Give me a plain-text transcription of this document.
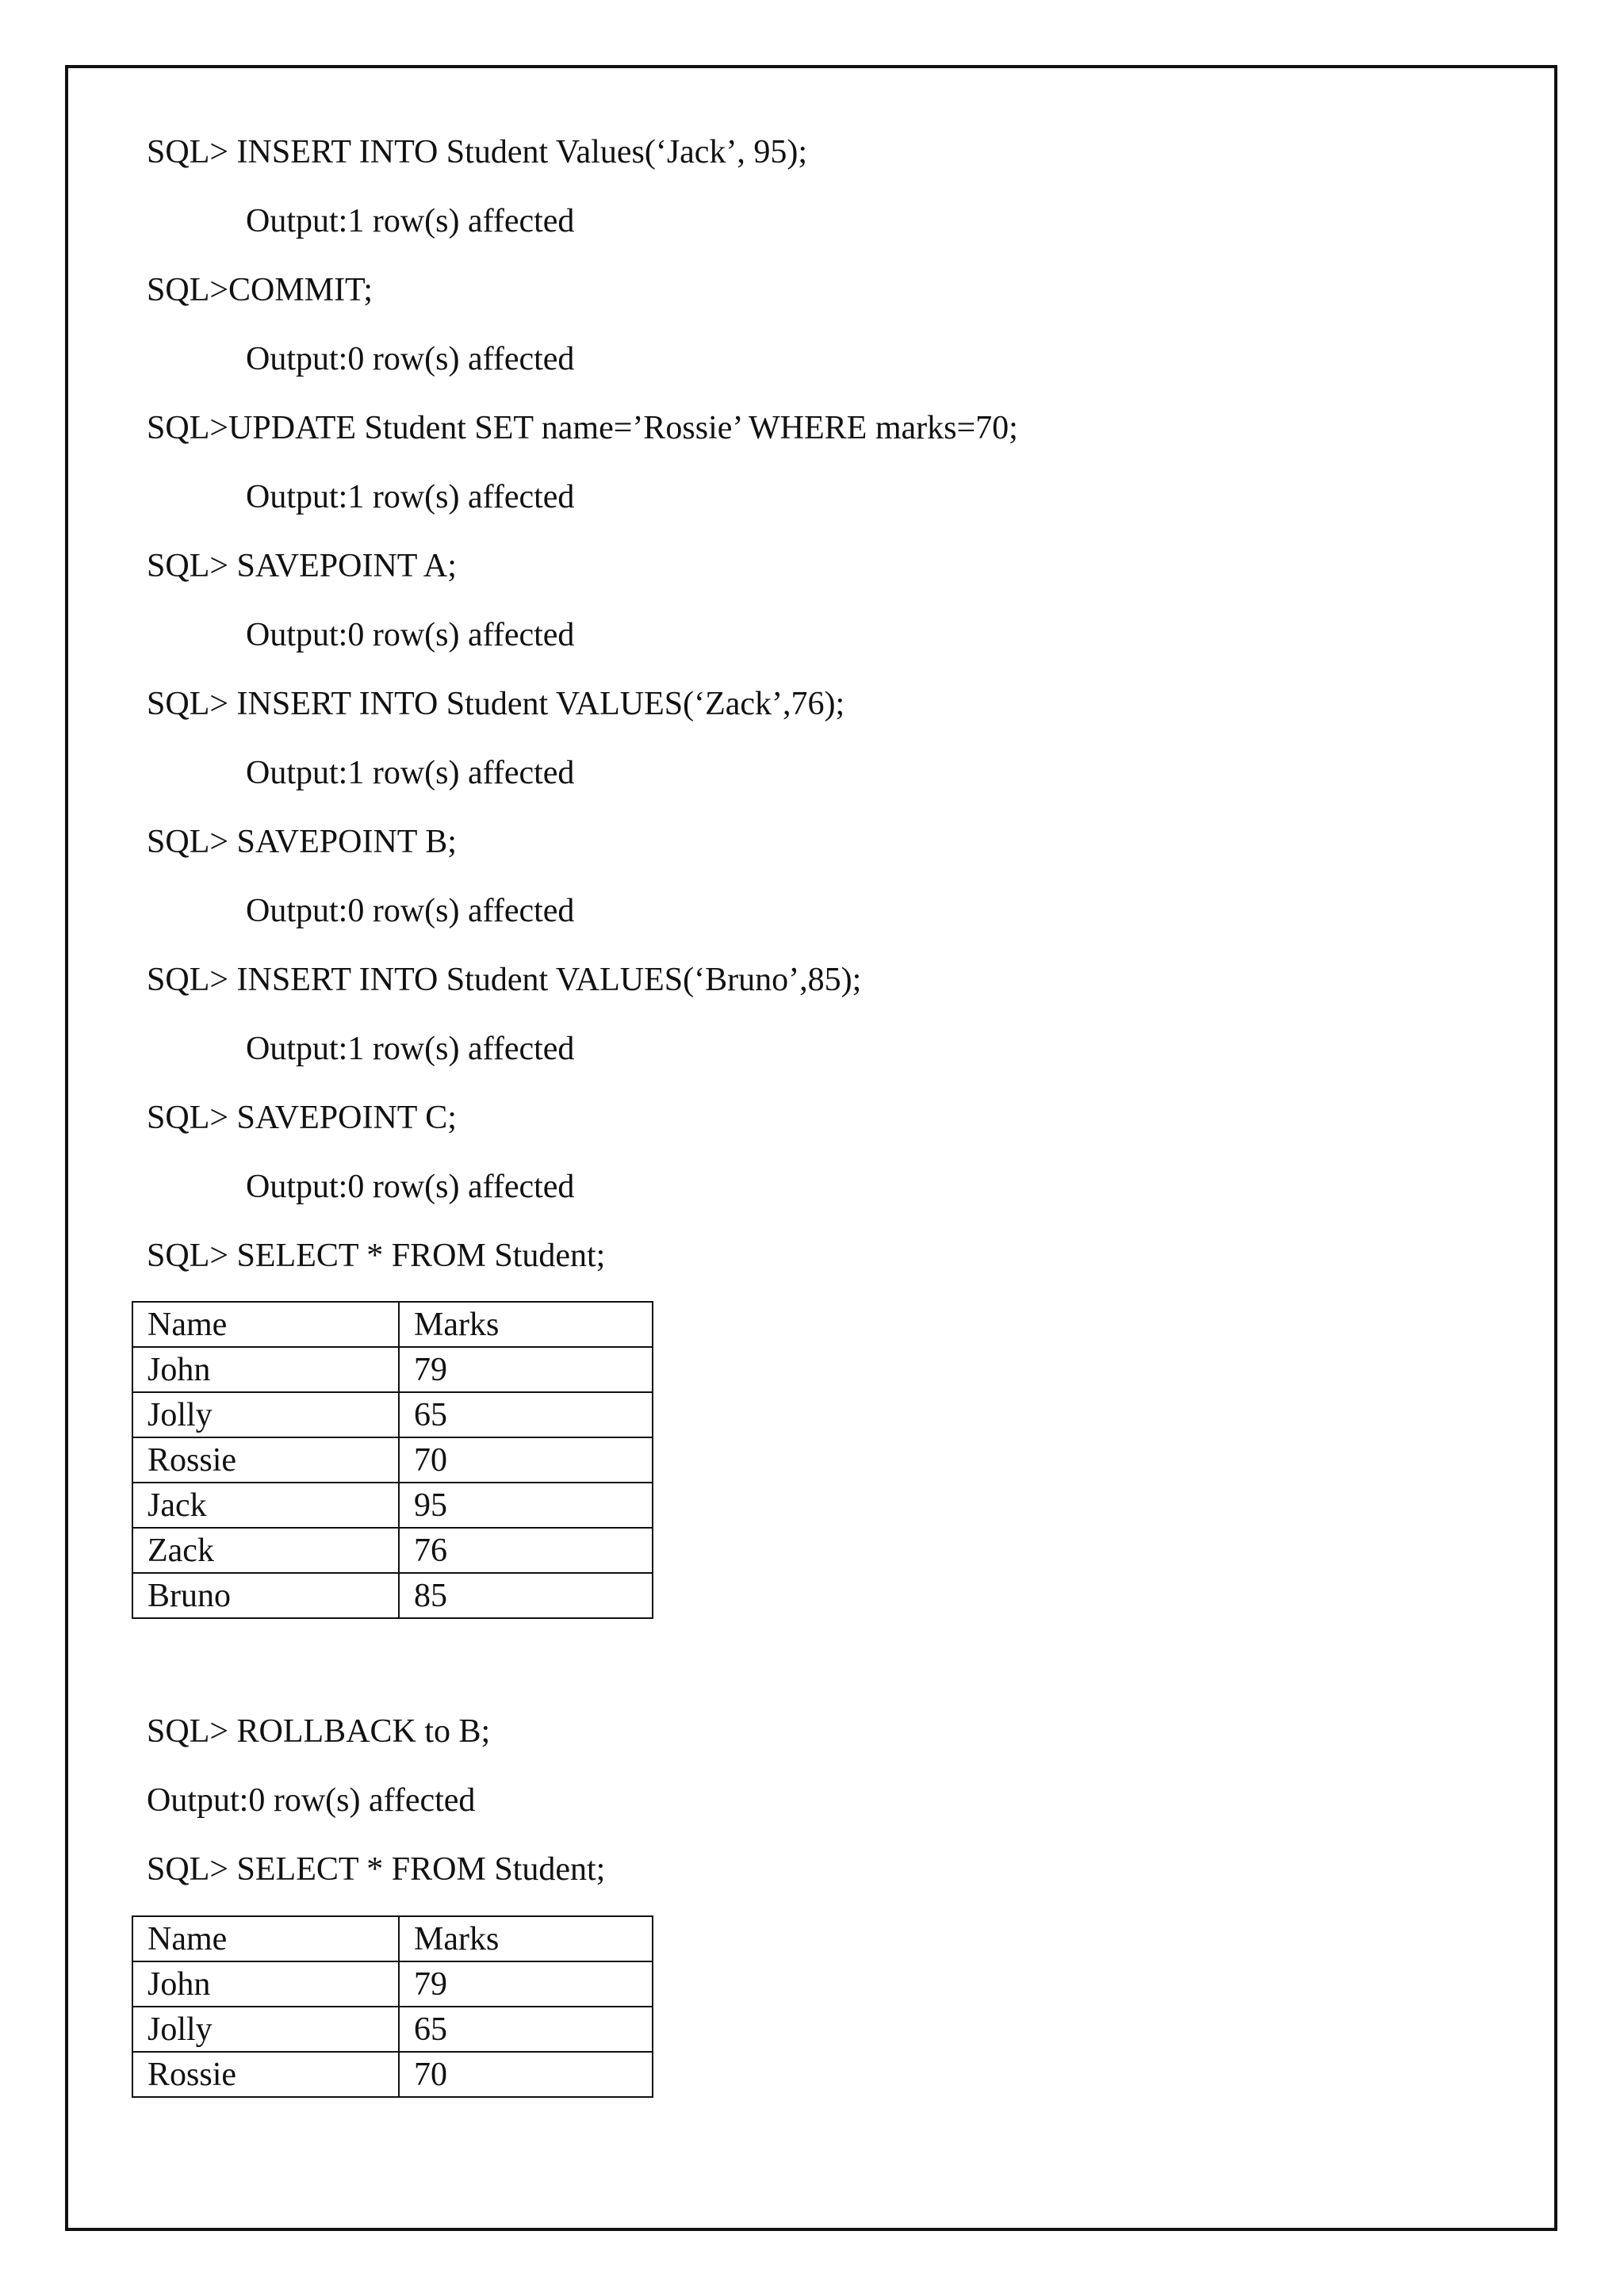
SQL> INSERT INTO Student Values(‘Jack’, 95);
Output:1 row(s) affected
SQL>COMMIT;
Output:0 row(s) affected
SQL>UPDATE Student SET name=’Rossie’ WHERE marks=70;
Output:1 row(s) affected
SQL> SAVEPOINT A;
Output:0 row(s) affected
SQL> INSERT INTO Student VALUES(‘Zack’,76);
Output:1 row(s) affected
SQL> SAVEPOINT B;
Output:0 row(s) affected
SQL> INSERT INTO Student VALUES(‘Bruno’,85);
Output:1 row(s) affected
SQL> SAVEPOINT C;
Output:0 row(s) affected
SQL> SELECT * FROM Student;
Name	Marks
John	79
Jolly	65
Rossie	70
Jack	95
Zack	76
Bruno	85
SQL> ROLLBACK to B;
Output:0 row(s) affected
SQL> SELECT * FROM Student;
Name	Marks
John	79
Jolly	65
Rossie	70
